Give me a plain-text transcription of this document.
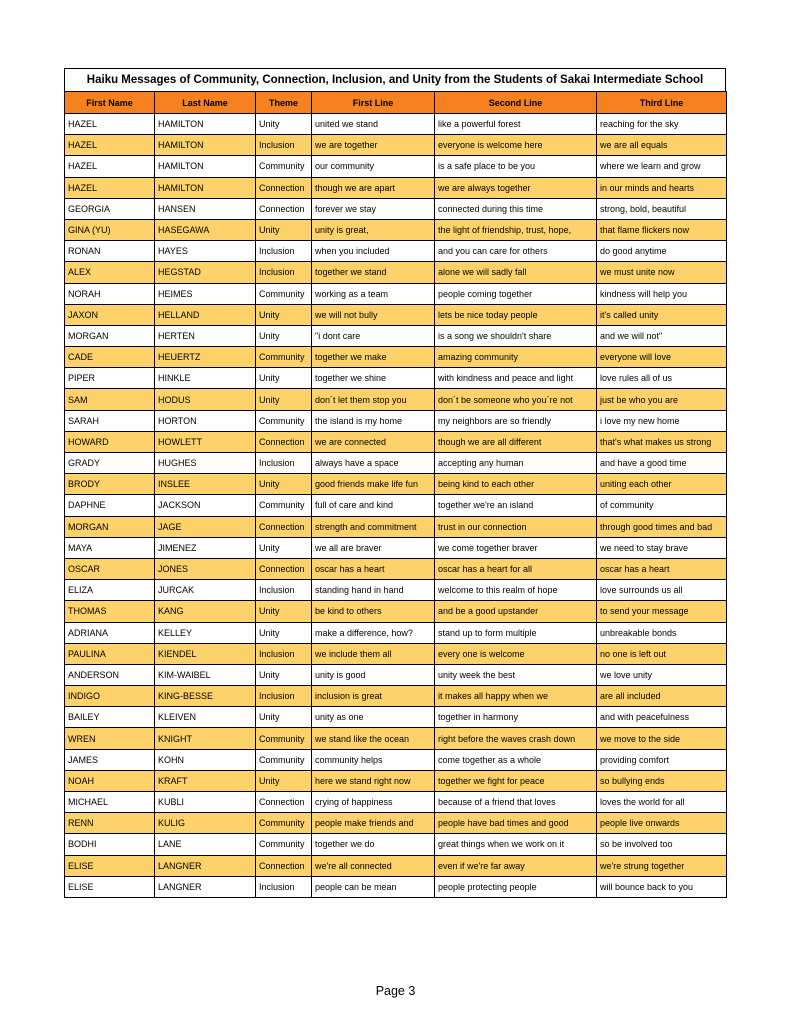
Haiku Messages of Community, Connection, Inclusion, and Unity from the Students of Sakai Intermediate School
First Name	Last Name	Theme	First Line	Second Line	Third Line
HAZEL	HAMILTON	Unity	united we stand	like a powerful forest	reaching for the sky
HAZEL	HAMILTON	Inclusion	we are together	everyone is welcome here	we are all equals
HAZEL	HAMILTON	Community	our community	is a safe place to be you	where we learn and grow
HAZEL	HAMILTON	Connection	though we are apart	we are always together	in our minds and hearts
GEORGIA	HANSEN	Connection	forever we stay	connected during this time	strong, bold, beautiful
GINA (YU)	HASEGAWA	Unity	unity is great,	the light of friendship, trust, hope,	that flame flickers now
RONAN	HAYES	Inclusion	when you included	and you can care for others	do good anytime
ALEX	HEGSTAD	Inclusion	together we stand	alone we will sadly fall	we must unite now
NORAH	HEIMES	Community	working as a team	people coming together	kindness will help you
JAXON	HELLAND	Unity	we will not bully	lets be nice today people	it's called unity
MORGAN	HERTEN	Unity	"i dont care	is a song we shouldn't share	and we will not"
CADE	HEUERTZ	Community	together we make	amazing community	everyone will love
PIPER	HINKLE	Unity	together we shine	with kindness and peace and light	love rules all of us
SAM	HODUS	Unity	don´t let them stop you	don´t be someone who you´re not	just be who you are
SARAH	HORTON	Community	the island is my home	my neighbors are so friendly	i love my new home
HOWARD	HOWLETT	Connection	we are connected	though we are all different	that's what makes us strong
GRADY	HUGHES	Inclusion	always have a space	accepting any human	and have a good time
BRODY	INSLEE	Unity	good friends make life fun	being kind to each other	uniting each other
DAPHNE	JACKSON	Community	full of care and kind	together we're an island	of community
MORGAN	JAGE	Connection	strength and commitment	trust in our connection	through good times and bad
MAYA	JIMENEZ	Unity	we all are braver	we come together braver	we need to stay brave
OSCAR	JONES	Connection	oscar has a heart	oscar has a heart for all	oscar has a heart
ELIZA	JURCAK	Inclusion	standing hand in hand	welcome to this realm of hope	love surrounds us all
THOMAS	KANG	Unity	be kind to others	and be a good upstander	to send your message
ADRIANA	KELLEY	Unity	make a difference, how?	stand up to form multiple	unbreakable bonds
PAULINA	KIENDEL	Inclusion	we include them all	every one is welcome	no one is left out
ANDERSON	KIM-WAIBEL	Unity	unity is good	unity week the best	we love unity
INDIGO	KING-BESSE	Inclusion	inclusion is great	it makes all happy when we	are all included
BAILEY	KLEIVEN	Unity	unity as one	together in harmony	and with peacefulness
WREN	KNIGHT	Community	we stand like the ocean	right before the waves crash down	we move to the side
JAMES	KOHN	Community	community helps	come together as a whole	providing comfort
NOAH	KRAFT	Unity	here we stand right now	together we fight for peace	so bullying ends
MICHAEL	KUBLI	Connection	crying of happiness	because of a friend that loves	loves the world for all
RENN	KULIG	Community	people make friends and	people have bad times and good	people live onwards
BODHI	LANE	Community	together we do	great things when we work on it	so be involved too
ELISE	LANGNER	Connection	we're all connected	even if we're far away	we're strung together
ELISE	LANGNER	Inclusion	people can be mean	people protecting people	will bounce back to you
Page 3
